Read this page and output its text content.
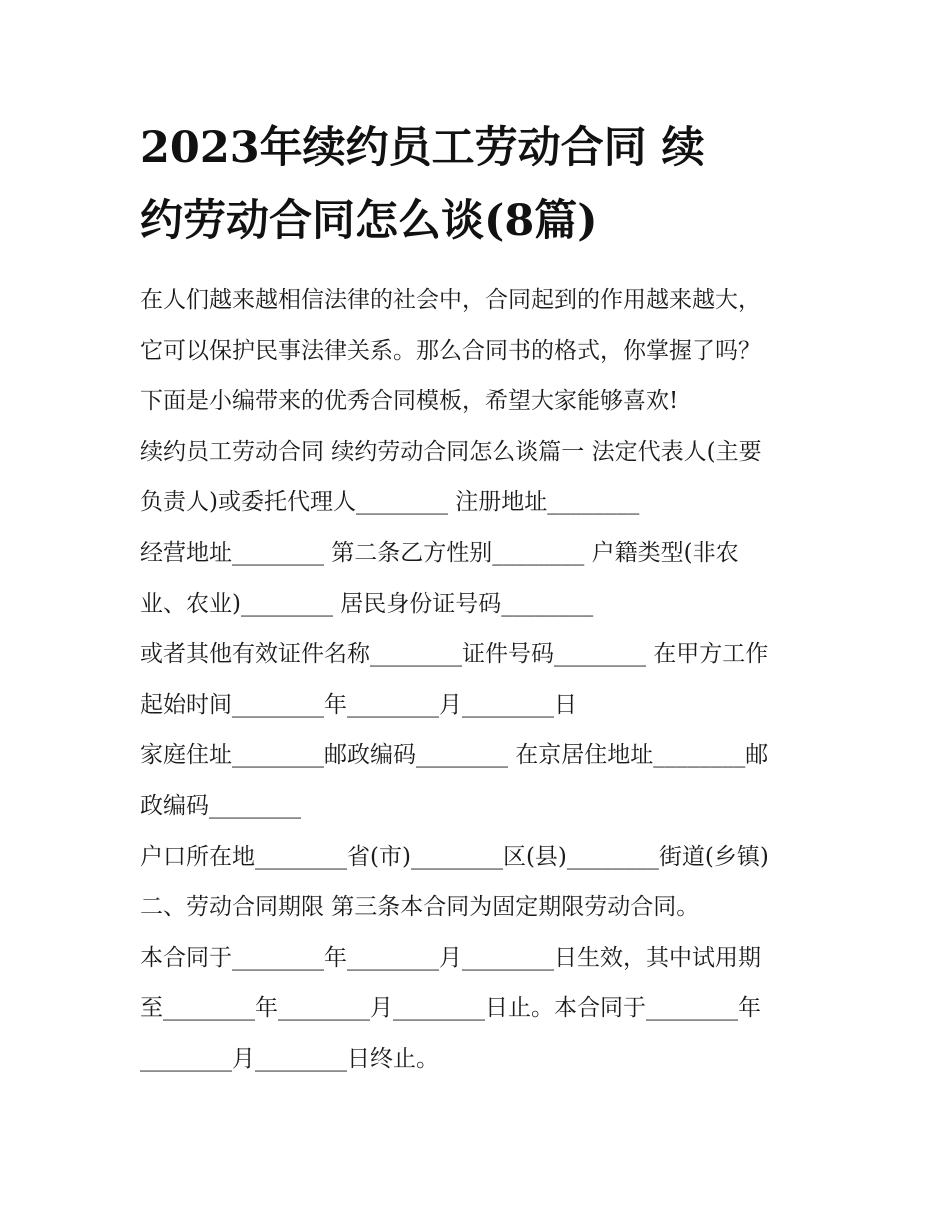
2023年续约员工劳动合同 续
约劳动合同怎么谈(8篇)
在人们越来越相信法律的社会中，合同起到的作用越来越大，
它可以保护民事法律关系。那么合同书的格式，你掌握了吗？
下面是小编带来的优秀合同模板，希望大家能够喜欢!
续约员工劳动合同 续约劳动合同怎么谈篇一 法定代表人(主要
负责人)或委托代理人________ 注册地址________
经营地址________ 第二条乙方性别________ 户籍类型(非农
业、农业)________ 居民身份证号码________
或者其他有效证件名称________证件号码________ 在甲方工作
起始时间________年________月________日
家庭住址________邮政编码________ 在京居住地址________邮
政编码________
户口所在地________省(市)________区(县)________街道(乡镇)
二、劳动合同期限 第三条本合同为固定期限劳动合同。
本合同于________年________月________日生效，其中试用期
至________年________月________日止。本合同于________年
________月________日终止。
